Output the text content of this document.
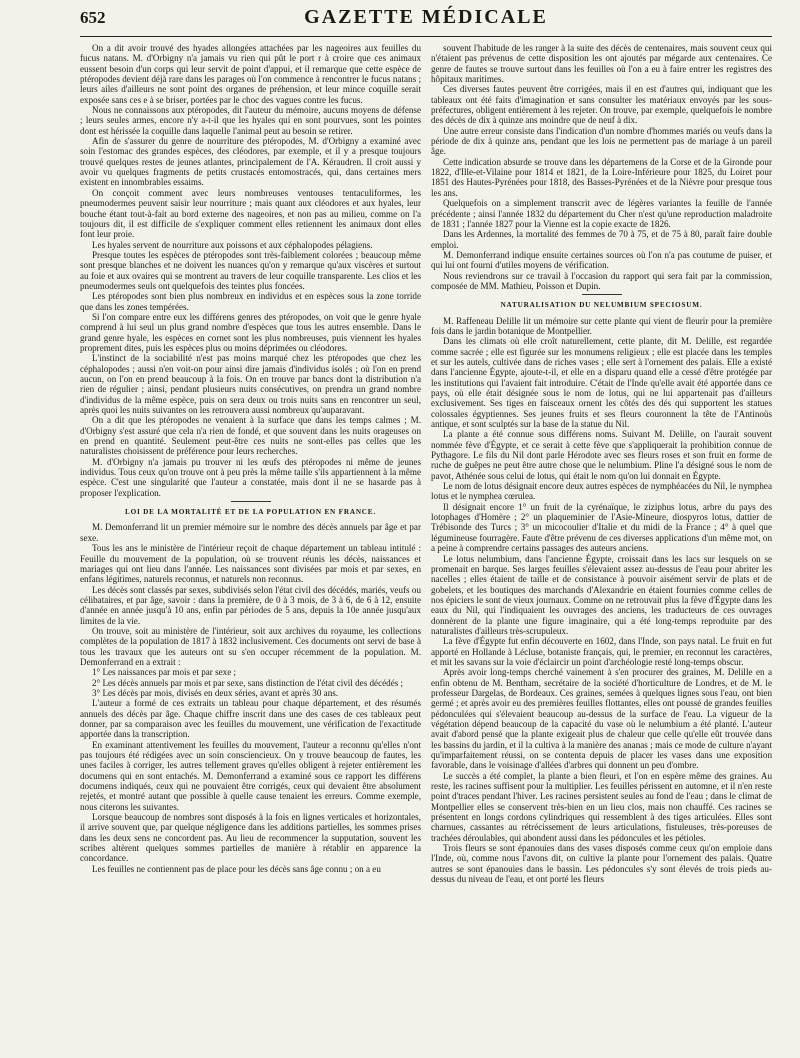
652	GAZETTE MÉDICALE

On a dit avoir trouvé des hyades allongées attachées par les nageoires aux feuilles du fucus natans. M. d'Orbigny n'a jamais vu rien qui pût le port r à croire que ces animaux eussent besoin d'un corps qui leur servit de point d'appui, et il remarque que cette espèce de ptéropodes devient déjà rare dans les parages où l'on commence à rencontrer le fucus natans ; leurs ailes d'ailleurs ne sont point des organes de préhension, et leur mince coquille serait exposée sans ces e à se briser, portées par le choc des vagues contre les fucus.

Nous ne connaissons aux ptéropodes, dit l'auteur du mémoire, aucuns moyens de défense ; leurs seules armes, encore n'y a-t-il que les hyales qui en sont pourvues, sont les pointes dont est hérissée la coquille dans laquelle l'animal peut au besoin se retirer.

Afin de s'assurer du genre de nourriture des ptéropodes, M. d'Orbigny a examiné avec soin l'estomac des grandes espèces, des cléodores, par exemple, et il y a presque toujours trouvé quelques restes de jeunes atlantes, principalement de l'A. Kéraudren. Il croit aussi y avoir vu quelques fragments de petits crustacés entomostracés, qui, dans certaines mers existent en innombrables essaims.

On conçoit comment avec leurs nombreuses ventouses tentaculiformes, les pneumodermes peuvent saisir leur nourriture ; mais quant aux cléodores et aux hyales, leur bouche étant tout-à-fait au bord externe des nageoires, et non pas au milieu, comme on l'a toujours dit, il est difficile de s'expliquer comment elles retiennent les animaux dont elles font leur proie.

Les hyales servent de nourriture aux poissons et aux céphalopodes pélagiens.

Presque toutes les espèces de ptéropodes sont très-faiblement colorées ; beaucoup même sont presque blanches et ne doivent les nuances qu'on y remarque qu'aux viscères et surtout au foie et aux ovaires qui se montrent au travers de leur coquille transparente. Les clios et les pneumodermes seuls ont quelquefois des teintes plus foncées.

Les ptéropodes sont bien plus nombreux en individus et en espèces sous la zone torride que dans les zones tempérées.

Si l'on compare entre eux les différens genres des ptéropodes, on voit que le genre hyale comprend à lui seul un plus grand nombre d'espèces que tous les autres ensemble. Dans le grand genre hyale, les espèces en cornet sont les plus nombreuses, puis viennent les hyales proprement dites, puis les espèces plus ou moins déprimées ou cléodores.

L'instinct de la sociabilité n'est pas moins marqué chez les ptéropodes que chez les céphalopodes ; aussi n'en voit-on pour ainsi dire jamais d'individus isolés ; où l'on en prend aucun, on l'on en prend beaucoup à la fois. On en trouve par bancs dont la distribution n'a rien de régulier ; ainsi, pendant plusieurs nuits consécutives, on prendra un grand nombre d'individus de la même espèce, puis on sera deux ou trois nuits sans en rencontrer un seul, après quoi les nuits suivantes on les retrouvera aussi nombreux qu'auparavant.

On a dit que les ptéropodes ne venaient à la surface que dans les temps calmes ; M. d'Orbigny s'est assuré que cela n'a rien de fondé, et que souvent dans les nuits orageuses on en prend en quantité. Seulement peut-être ces nuits ne sont-elles pas celles que les naturalistes choisissent de préférence pour leurs recherches.

M. d'Orbigny n'a jamais pu trouver ni les œufs des ptéropodes ni même de jeunes individus. Tous ceux qu'on trouve ont à peu près la même taille s'ils appartiennent à la même espèce. C'est une singularité que l'auteur a constatée, mais dont il ne se hasarde pas à proposer l'explication.

LOI DE LA MORTALITÉ ET DE LA POPULATION EN FRANCE.

M. Demonferrand lit un premier mémoire sur le nombre des décès annuels par âge et par sexe.

Tous les ans le ministère de l'intérieur reçoit de chaque département un tableau intitulé : Feuille du mouvement de la population, où se trouvent réunis les décès, naissances et mariages qui ont lieu dans l'année. Les naissances sont divisées par mois et par sexes, en enfans légitimes, naturels reconnus, et naturels non reconnus.

Les décès sont classés par sexes, subdivisés selon l'état civil des décédés, mariés, veufs ou célibataires, et par âge, savoir : dans la première, de 0 à 3 mois, de 3 à 6, de 6 à 12, ensuite d'année en année jusqu'à 10 ans, enfin par périodes de 5 ans, depuis la 10e année jusqu'aux limites de la vie.

On trouve, soit au ministère de l'intérieur, soit aux archives du royaume, les collections complètes de la population de 1817 à 1832 inclusivement. Ces documents ont servi de base à tous les travaux que les auteurs ont su s'en occuper récemment de la population. M. Demonferrand en a extrait :

1° Les naissances par mois et par sexe ;

2° Les décès annuels par mois et par sexe, sans distinction de l'état civil des décédés ;

3° Les décès par mois, divisés en deux séries, avant et après 30 ans.

L'auteur a formé de ces extraits un tableau pour chaque département, et des résumés annuels des décès par âge. Chaque chiffre inscrit dans une des cases de ces tableaux peut donner, par sa comparaison avec les feuilles du mouvement, une vérification de l'exactitude apportée dans la transcription.

En examinant attentivement les feuilles du mouvement, l'auteur a reconnu qu'elles n'ont pas toujours été rédigées avec un soin consciencieux. On y trouve beaucoup de fautes, les unes faciles à corriger, les autres tellement graves qu'elles obligent à rejeter entièrement les documens qui en sont entachés. M. Demonferrand a examiné sous ce rapport les différens documens indiqués, ceux qui ne pouvaient être corrigés, ceux qui devaient être absolument rejetés, et montré autant que possible à quelle cause tenaient les erreurs. Comme exemple, nous citerons les suivantes.

Lorsque beaucoup de nombres sont disposés à la fois en lignes verticales et horizontales, il arrive souvent que, par quelque négligence dans les additions partielles, les sommes prises dans les deux sens ne concordent pas. Au lieu de recommencer la supputation, souvent les scribes altèrent quelques sommes partielles de manière à rétablir en apparence la concordance.

Les feuilles ne contiennent pas de place pour les décès sans âge connu ; on a eu

souvent l'habitude de les ranger à la suite des décès de centenaires, mais souvent ceux qui n'étaient pas prévenus de cette disposition les ont ajoutés par mégarde aux centenaires. Ce genre de fautes se trouve surtout dans les feuilles où l'on a eu à faire entrer les registres des hôpitaux maritimes.

Ces diverses fautes peuvent être corrigées, mais il en est d'autres qui, indiquant que les tableaux ont été faits d'imagination et sans consulter les matériaux envoyés par les sous-préfectures, obligent entièrement à les rejeter. On trouve, par exemple, quelquefois le nombre des décès de dix à quinze ans moindre que de neuf à dix.

Une autre erreur consiste dans l'indication d'un nombre d'hommes mariés ou veufs dans la période de dix à quinze ans, pendant que les lois ne permettent pas de mariage à un pareil âge.

Cette indication absurde se trouve dans les départemens de la Corse et de la Gironde pour 1822, d'Ille-et-Vilaine pour 1814 et 1821, de la Loire-Inférieure pour 1825, du Loiret pour 1851 des Hautes-Pyrénées pour 1818, des Basses-Pyrénées et de la Nièvre pour presque tous les ans.

Quelquefois on a simplement transcrit avec de légères variantes la feuille de l'année précédente ; ainsi l'année 1832 du département du Cher n'est qu'une reproduction maladroite de 1831 ; l'année 1827 pour la Vienne est la copie exacte de 1826.

Dans les Ardennes, la mortalité des femmes de 70 à 75, et de 75 à 80, paraît faire double emploi.

M. Demonferrand indique ensuite certaines sources où l'on n'a pas coutume de puiser, et qui lui ont fourni d'utiles moyens de vérification.

Nous reviendrons sur ce travail à l'occasion du rapport qui sera fait par la commission, composée de MM. Mathieu, Poisson et Dupin.

NATURALISATION DU NELUMBIUM SPECIOSUM.

M. Raffeneau Delille lit un mémoire sur cette plante qui vient de fleurir pour la première fois dans le jardin botanique de Montpellier.

Dans les climats où elle croît naturellement, cette plante, dit M. Delille, est regardée comme sacrée ; elle est figurée sur les monumens religieux ; elle est placée dans les temples et sur les autels, cultivée dans de riches vases ; elle sert à l'ornement des palais. Elle a existé dans l'ancienne Égypte, ajoute-t-il, et elle en a disparu quand elle a cessé d'être protégée par les institutions qui l'avaient fait introduire. C'était de l'Inde qu'elle avait été apportée dans ce pays, où elle était désignée sous le nom de lotus, qui ne lui appartenait pas d'ailleurs exclusivement. Ses tiges en faisceaux ornent les côtés des dés qui supportent les statues colossales égyptiennes. Ses jeunes fruits et ses fleurs couronnent la tête de l'Antinoüs antique, et sont sculptés sur la base de la statue du Nil.

La plante a été connue sous différens noms. Suivant M. Delille, on l'aurait souvent nommée fève d'Égypte, et ce serait à cette fève que s'appliquerait la prohibition connue de Pythagore. Le fils du Nil dont parle Hérodote avec ses fleurs roses et son fruit en forme de ruche de guêpes ne peut être autre chose que le nelumbium. Pline l'a désigné sous le nom de pavot, Athénée sous celui de lotus, qui était le nom qu'on lui donnait en Égypte.

Le nom de lotus désignait encore deux autres espèces de nymphéacées du Nil, le nymphea lotus et le nymphea cœrulea.

Il désignait encore 1° un fruit de la cyrénaïque, le ziziphus lotus, arbre du pays des lotophages d'Homère ; 2° un plaqueminier de l'Asie-Mineure, diospyros lotus, dattier de Trébisonde des Turcs ; 3° un micocoulier d'Italie et du midi de la France ; 4° à quel que légumineuse fourragère. Faute d'être prévenu de ces diverses applications d'un même mot, on a peine à comprendre certains passages des auteurs anciens.

Le lotus nelumbium, dans l'ancienne Égypte, croissait dans les lacs sur lesquels on se promenait en barque. Ses larges feuilles s'élevaient assez au-dessus de l'eau pour abriter les nacelles ; elles étaient de taille et de consistance à pouvoir aisément servir de plats et de gobelets, et les boutiques des marchands d'Alexandrie en étaient fournies comme celles de nos épiciers le sont de vieux journaux. Comme on ne retrouvait plus la fève d'Égypte dans les eaux du Nil, qui l'indiquaient les ouvrages des anciens, les traducteurs de ces ouvrages donnèrent de la plante une figure imaginaire, qui a été long-temps reproduite par des naturalistes d'ailleurs très-scrupuleux.

La fève d'Égypte fut enfin découverte en 1602, dans l'Inde, son pays natal. Le fruit en fut apporté en Hollande à Lécluse, botaniste français, qui, le premier, en reconnut les caractères, et mit les savans sur la voie d'éclaircir un point d'archéologie resté long-temps obscur.

Après avoir long-temps cherché vainement à s'en procurer des graines, M. Delille en a enfin obtenu de M. Bentham, secrétaire de la société d'horticulture de Londres, et de M. le professeur Dargelas, de Bordeaux. Ces graines, semées à quelques lignes sous l'eau, ont bien germé ; et après avoir eu des premières feuilles flottantes, elles ont poussé de grandes feuilles pédonculées qui s'élevaient beaucoup au-dessus de la surface de l'eau. La vigueur de la végétation dépend beaucoup de la capacité du vase où le nelumbium a été planté. L'auteur avait d'abord pensé que la plante exigeait plus de chaleur que celle qu'elle eût trouvée dans les bassins du jardin, et il la cultiva à la manière des ananas ; mais ce mode de culture n'ayant qu'imparfaitement réussi, on se contenta depuis de placer les vases dans une exposition favorable, dans le voisinage d'allées d'arbres qui donnent un peu d'ombre.

Le succès a été complet, la plante a bien fleuri, et l'on en espère même des graines. Au reste, les racines suffisent pour la multiplier. Les feuilles périssent en automne, et il n'en reste point d'traces pendant l'hiver. Les racines persistent seules au fond de l'eau ; dans le climat de Montpellier elles se conservent très-bien en un lieu clos, mais non chauffé. Ces racines se présentent en longs cordons cylindriques qui ressemblent à des tiges articulées. Elles sont charnues, cassantes au rétrécissement de leurs articulations, fistuleuses, très-poreuses de trachées déroulables, qui abondent aussi dans les pédoncules et les pétioles.

Trois fleurs se sont épanouies dans des vases disposés comme ceux qu'on emploie dans l'Inde, où, comme nous l'avons dit, on cultive la plante pour l'ornement des palais. Quatre autres se sont épanouies dans le bassin. Les pédoncules s'y sont élevés de trois pieds au-dessus du niveau de l'eau, et ont porté les fleurs
